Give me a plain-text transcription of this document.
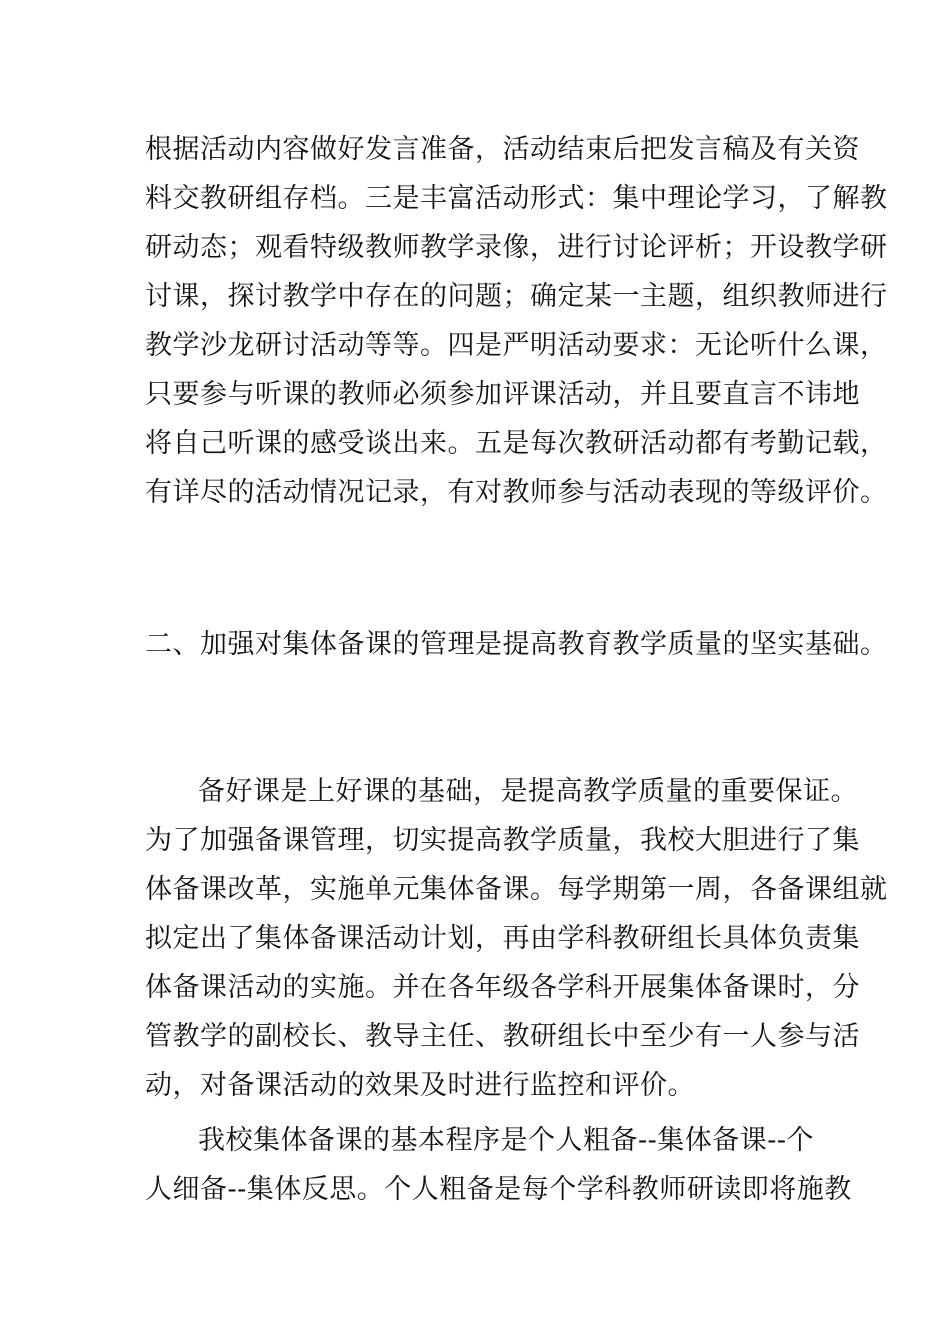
根据活动内容做好发言准备，活动结束后把发言稿及有关资
料交教研组存档。三是丰富活动形式：集中理论学习，了解教
研动态；观看特级教师教学录像，进行讨论评析；开设教学研
讨课，探讨教学中存在的问题；确定某一主题，组织教师进行
教学沙龙研讨活动等等。四是严明活动要求：无论听什么课，
只要参与听课的教师必须参加评课活动，并且要直言不讳地
将自己听课的感受谈出来。五是每次教研活动都有考勤记载，
有详尽的活动情况记录，有对教师参与活动表现的等级评价。
二、加强对集体备课的管理是提高教育教学质量的坚实基础。
备好课是上好课的基础，是提高教学质量的重要保证。
为了加强备课管理，切实提高教学质量，我校大胆进行了集
体备课改革，实施单元集体备课。每学期第一周，各备课组就
拟定出了集体备课活动计划，再由学科教研组长具体负责集
体备课活动的实施。并在各年级各学科开展集体备课时，分
管教学的副校长、教导主任、教研组长中至少有一人参与活
动，对备课活动的效果及时进行监控和评价。
我校集体备课的基本程序是个人粗备--集体备课--个
人细备--集体反思。个人粗备是每个学科教师研读即将施教
